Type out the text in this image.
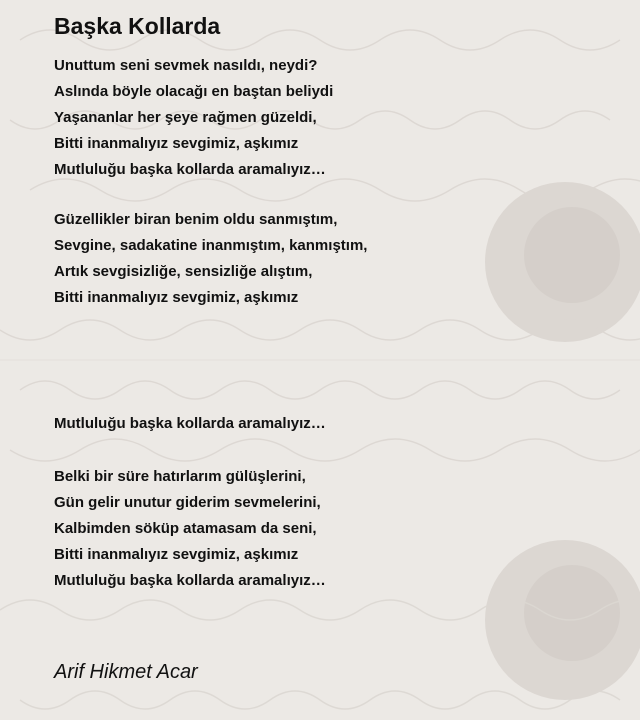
Başka Kollarda
Unuttum seni sevmek nasıldı, neydi?
Aslında böyle olacağı en baştan beliydi
Yaşananlar her şeye rağmen güzeldi,
Bitti inanmalıyız sevgimiz, aşkımız
Mutluluğu başka kollarda aramalıyız…
Güzellikler biran benim oldu sanmıştım,
Sevgine, sadakatine inanmıştım, kanmıştım,
Artık sevgisizliğe, sensizliğe alıştım,
Bitti inanmalıyız sevgimiz, aşkımız
Mutluluğu başka kollarda aramalıyız…
Belki bir süre hatırlarım gülüşlerini,
Gün gelir unutur giderim sevmelerini,
Kalbimden söküp atamasam da seni,
Bitti inanmalıyız sevgimiz, aşkımız
Mutluluğu başka kollarda aramalıyız…

Arif Hikmet Acar
